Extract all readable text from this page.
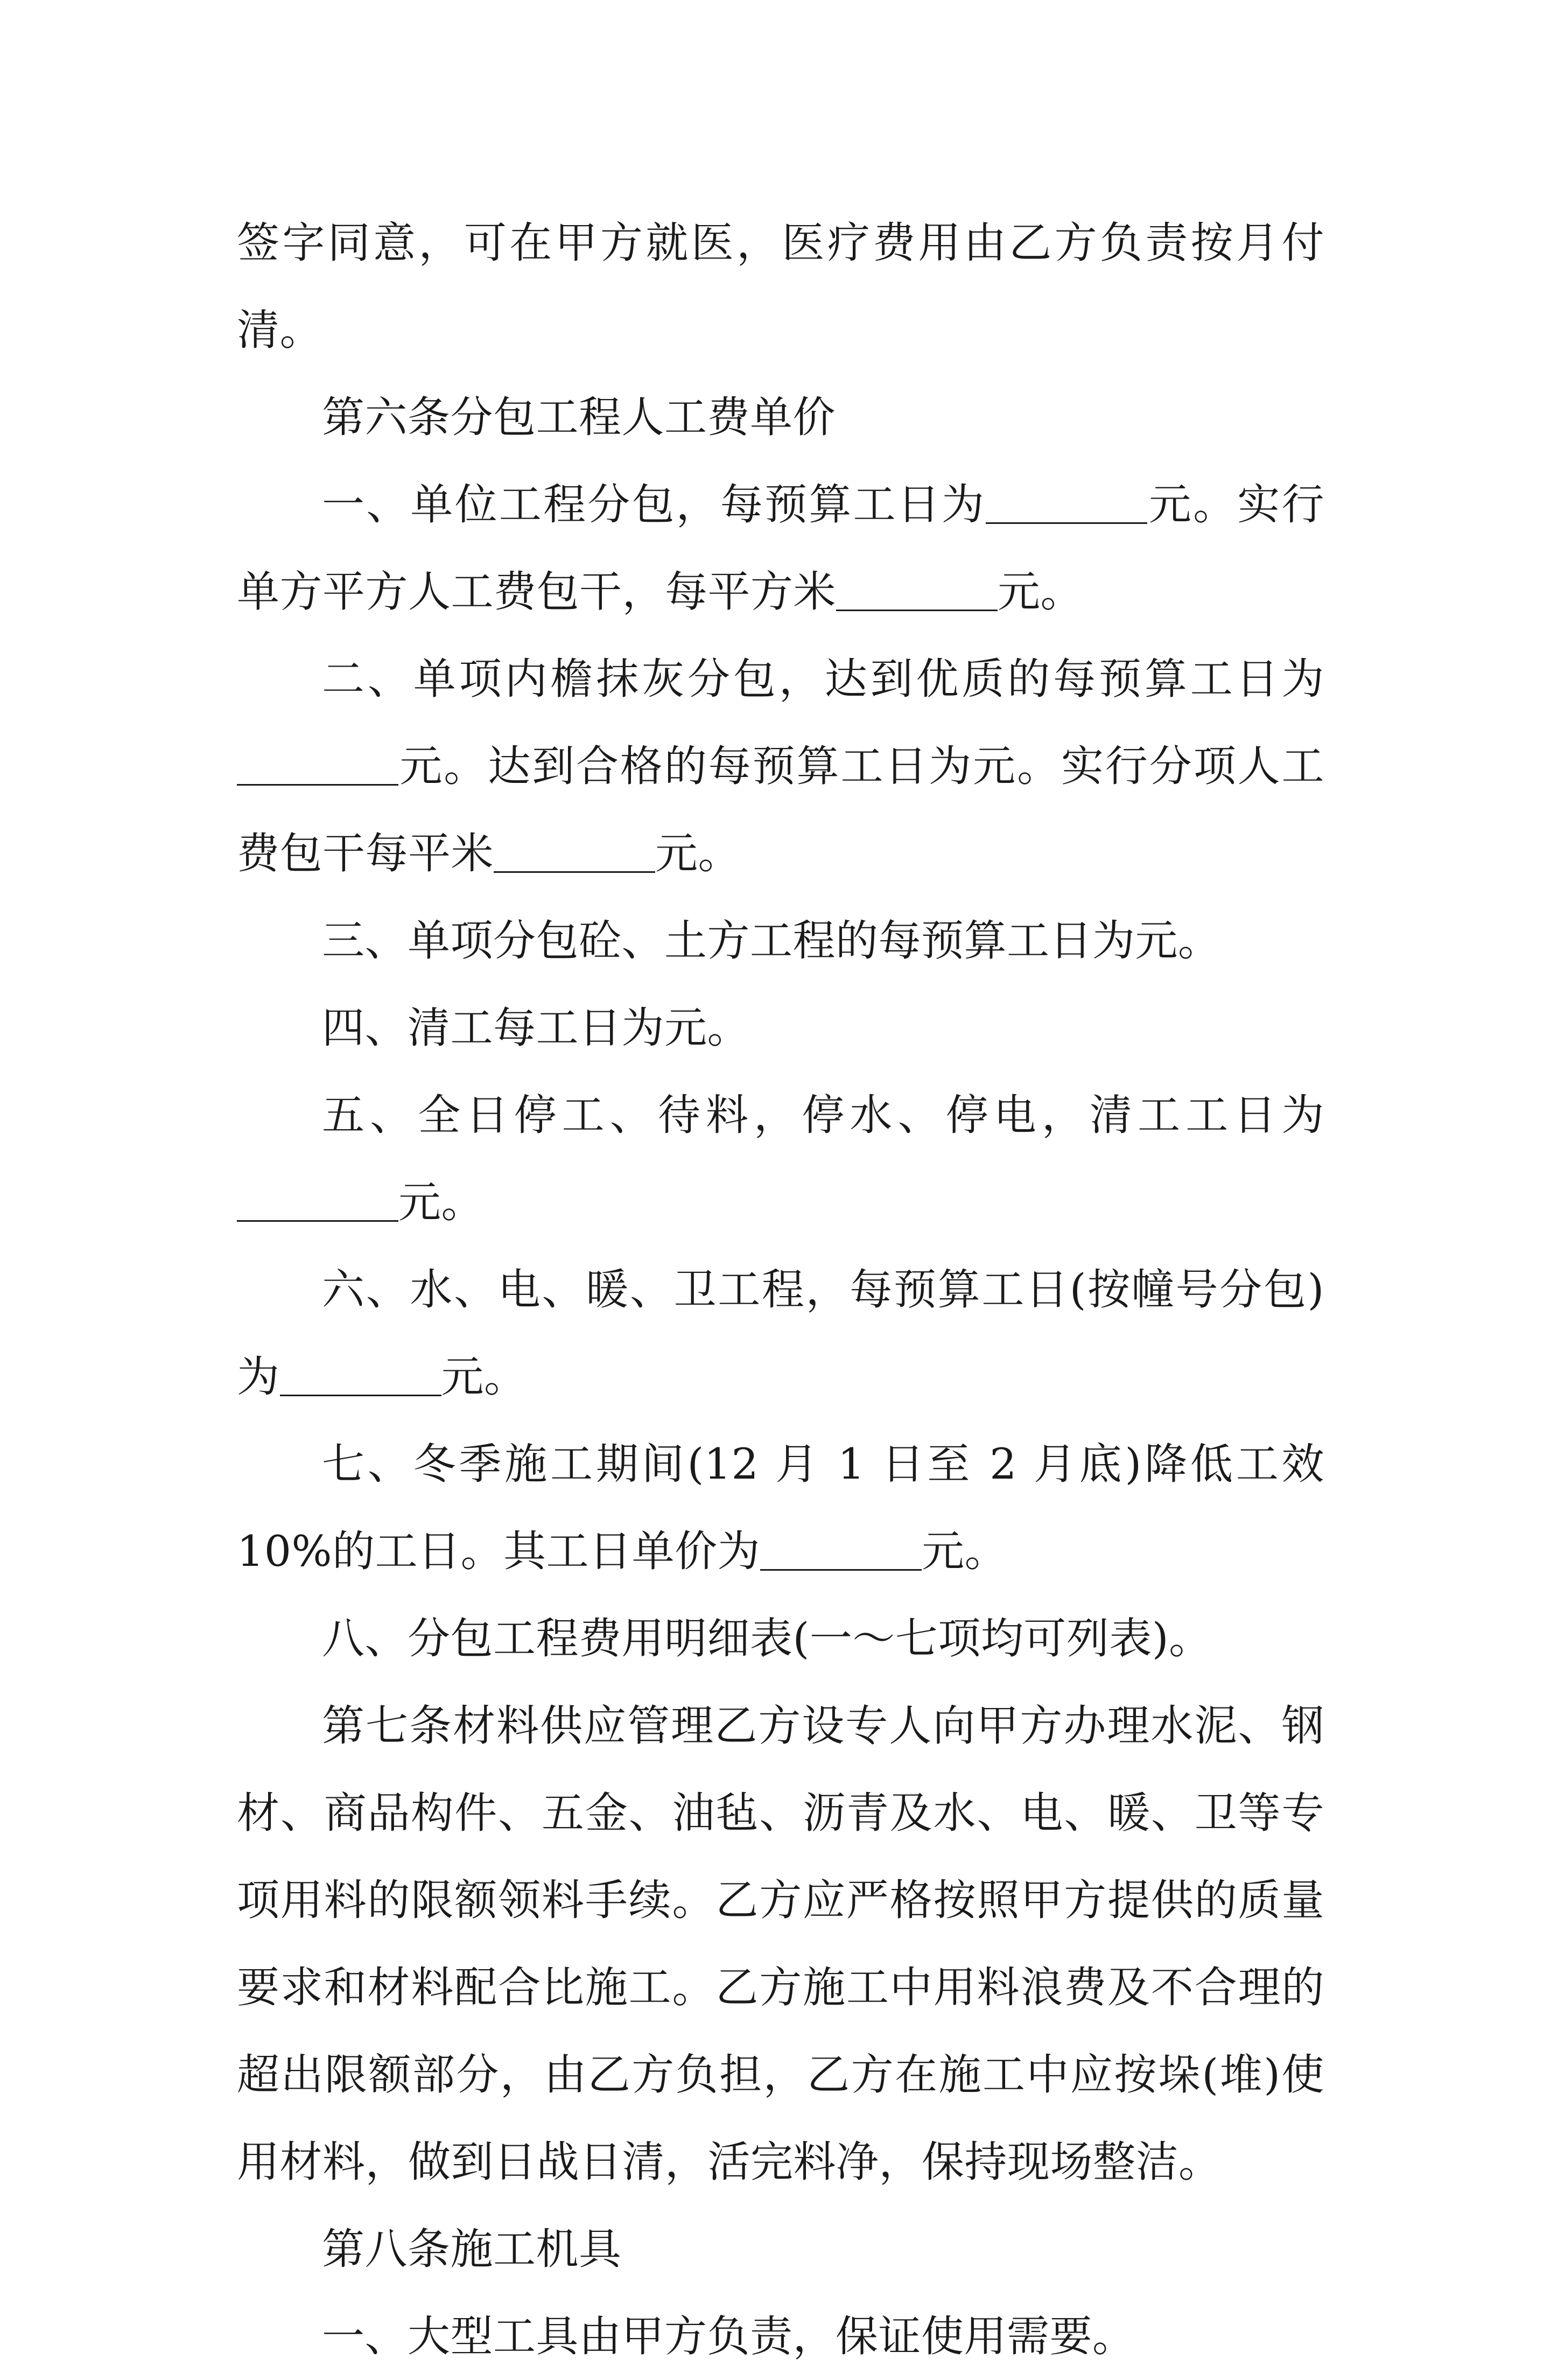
签字同意，可在甲方就医，医疗费用由乙方负责按月付清。

第六条分包工程人工费单价

一、单位工程分包，每预算工日为	元。实行单方平方人工费包干，每平方米	元。

二、单项内檐抹灰分包，达到优质的每预算工日为元。达到合格的每预算工日为元。实行分项人工费包干每平米	元。

三、单项分包砼、土方工程的每预算工日为元。

四、清工每工日为元。

五、全日停工、待料，停水、停电，清工工日为元。

六、水、电、暖、卫工程，每预算工日(按幢号分包)为	元。

七、冬季施工期间(12 月 1 日至 2 月底)降低工效 10%的工日。其工日单价为	元。

八、分包工程费用明细表(一～七项均可列表)。

第七条材料供应管理乙方设专人向甲方办理水泥、钢材、商品构件、五金、油毡、沥青及水、电、暖、卫等专项用料的限额领料手续。乙方应严格按照甲方提供的质量要求和材料配合比施工。乙方施工中用料浪费及不合理的超出限额部分，由乙方负担，乙方在施工中应按垛(堆)使用材料，做到日战日清，活完料净，保持现场整洁。

第八条施工机具

一、大型工具由甲方负责，保证使用需要。
